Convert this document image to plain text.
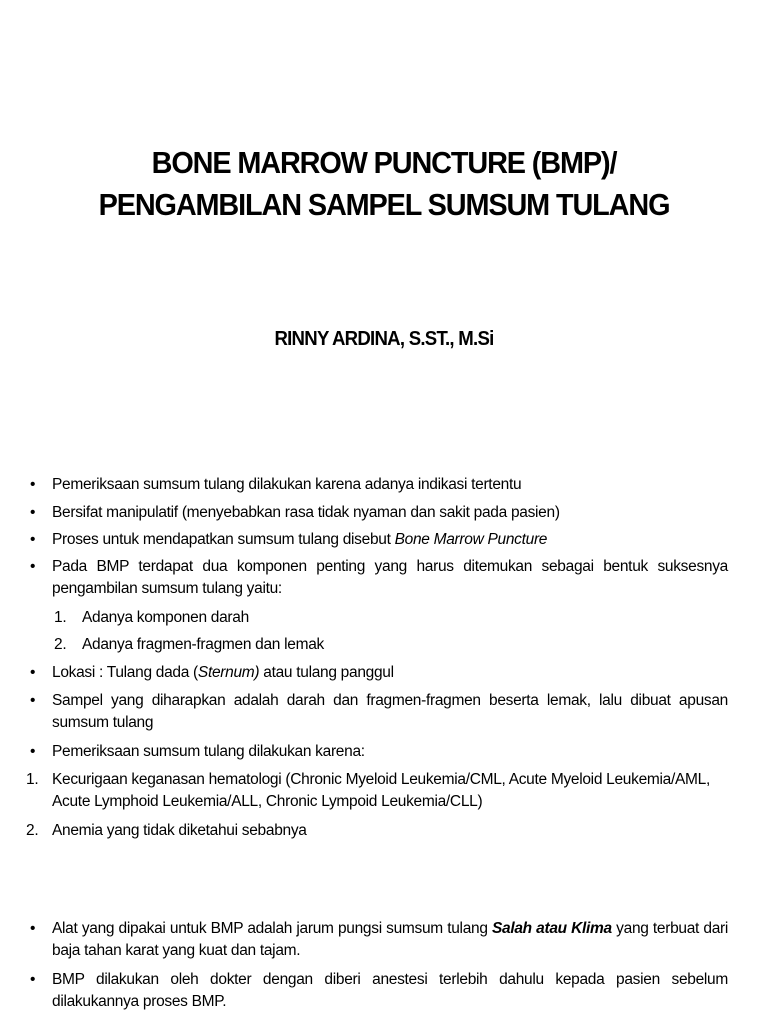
BONE MARROW PUNCTURE (BMP)/
PENGAMBILAN SAMPEL SUMSUM TULANG
RINNY ARDINA, S.ST., M.Si
•	Pemeriksaan sumsum tulang dilakukan karena adanya indikasi tertentu
•	Bersifat manipulatif (menyebabkan rasa tidak nyaman dan sakit pada pasien)
•	Proses untuk mendapatkan sumsum tulang disebut Bone Marrow Puncture
•	Pada BMP terdapat dua komponen penting yang harus ditemukan sebagai bentuk suksesnya pengambilan sumsum tulang yaitu:
1. Adanya komponen darah
2. Adanya fragmen-fragmen dan lemak
•	Lokasi : Tulang dada (Sternum) atau tulang panggul
•	Sampel yang diharapkan adalah darah dan fragmen-fragmen beserta lemak, lalu dibuat apusan sumsum tulang
•	Pemeriksaan sumsum tulang dilakukan karena:
1. Kecurigaan keganasan hematologi (Chronic Myeloid Leukemia/CML, Acute Myeloid Leukemia/AML, Acute Lymphoid Leukemia/ALL, Chronic Lympoid Leukemia/CLL)
2. Anemia yang tidak diketahui sebabnya
•	Alat yang dipakai untuk BMP adalah jarum pungsi sumsum tulang Salah atau Klima yang terbuat dari baja tahan karat yang kuat dan tajam.
•	BMP dilakukan oleh dokter dengan diberi anestesi terlebih dahulu kepada pasien sebelum dilakukannya proses BMP.
